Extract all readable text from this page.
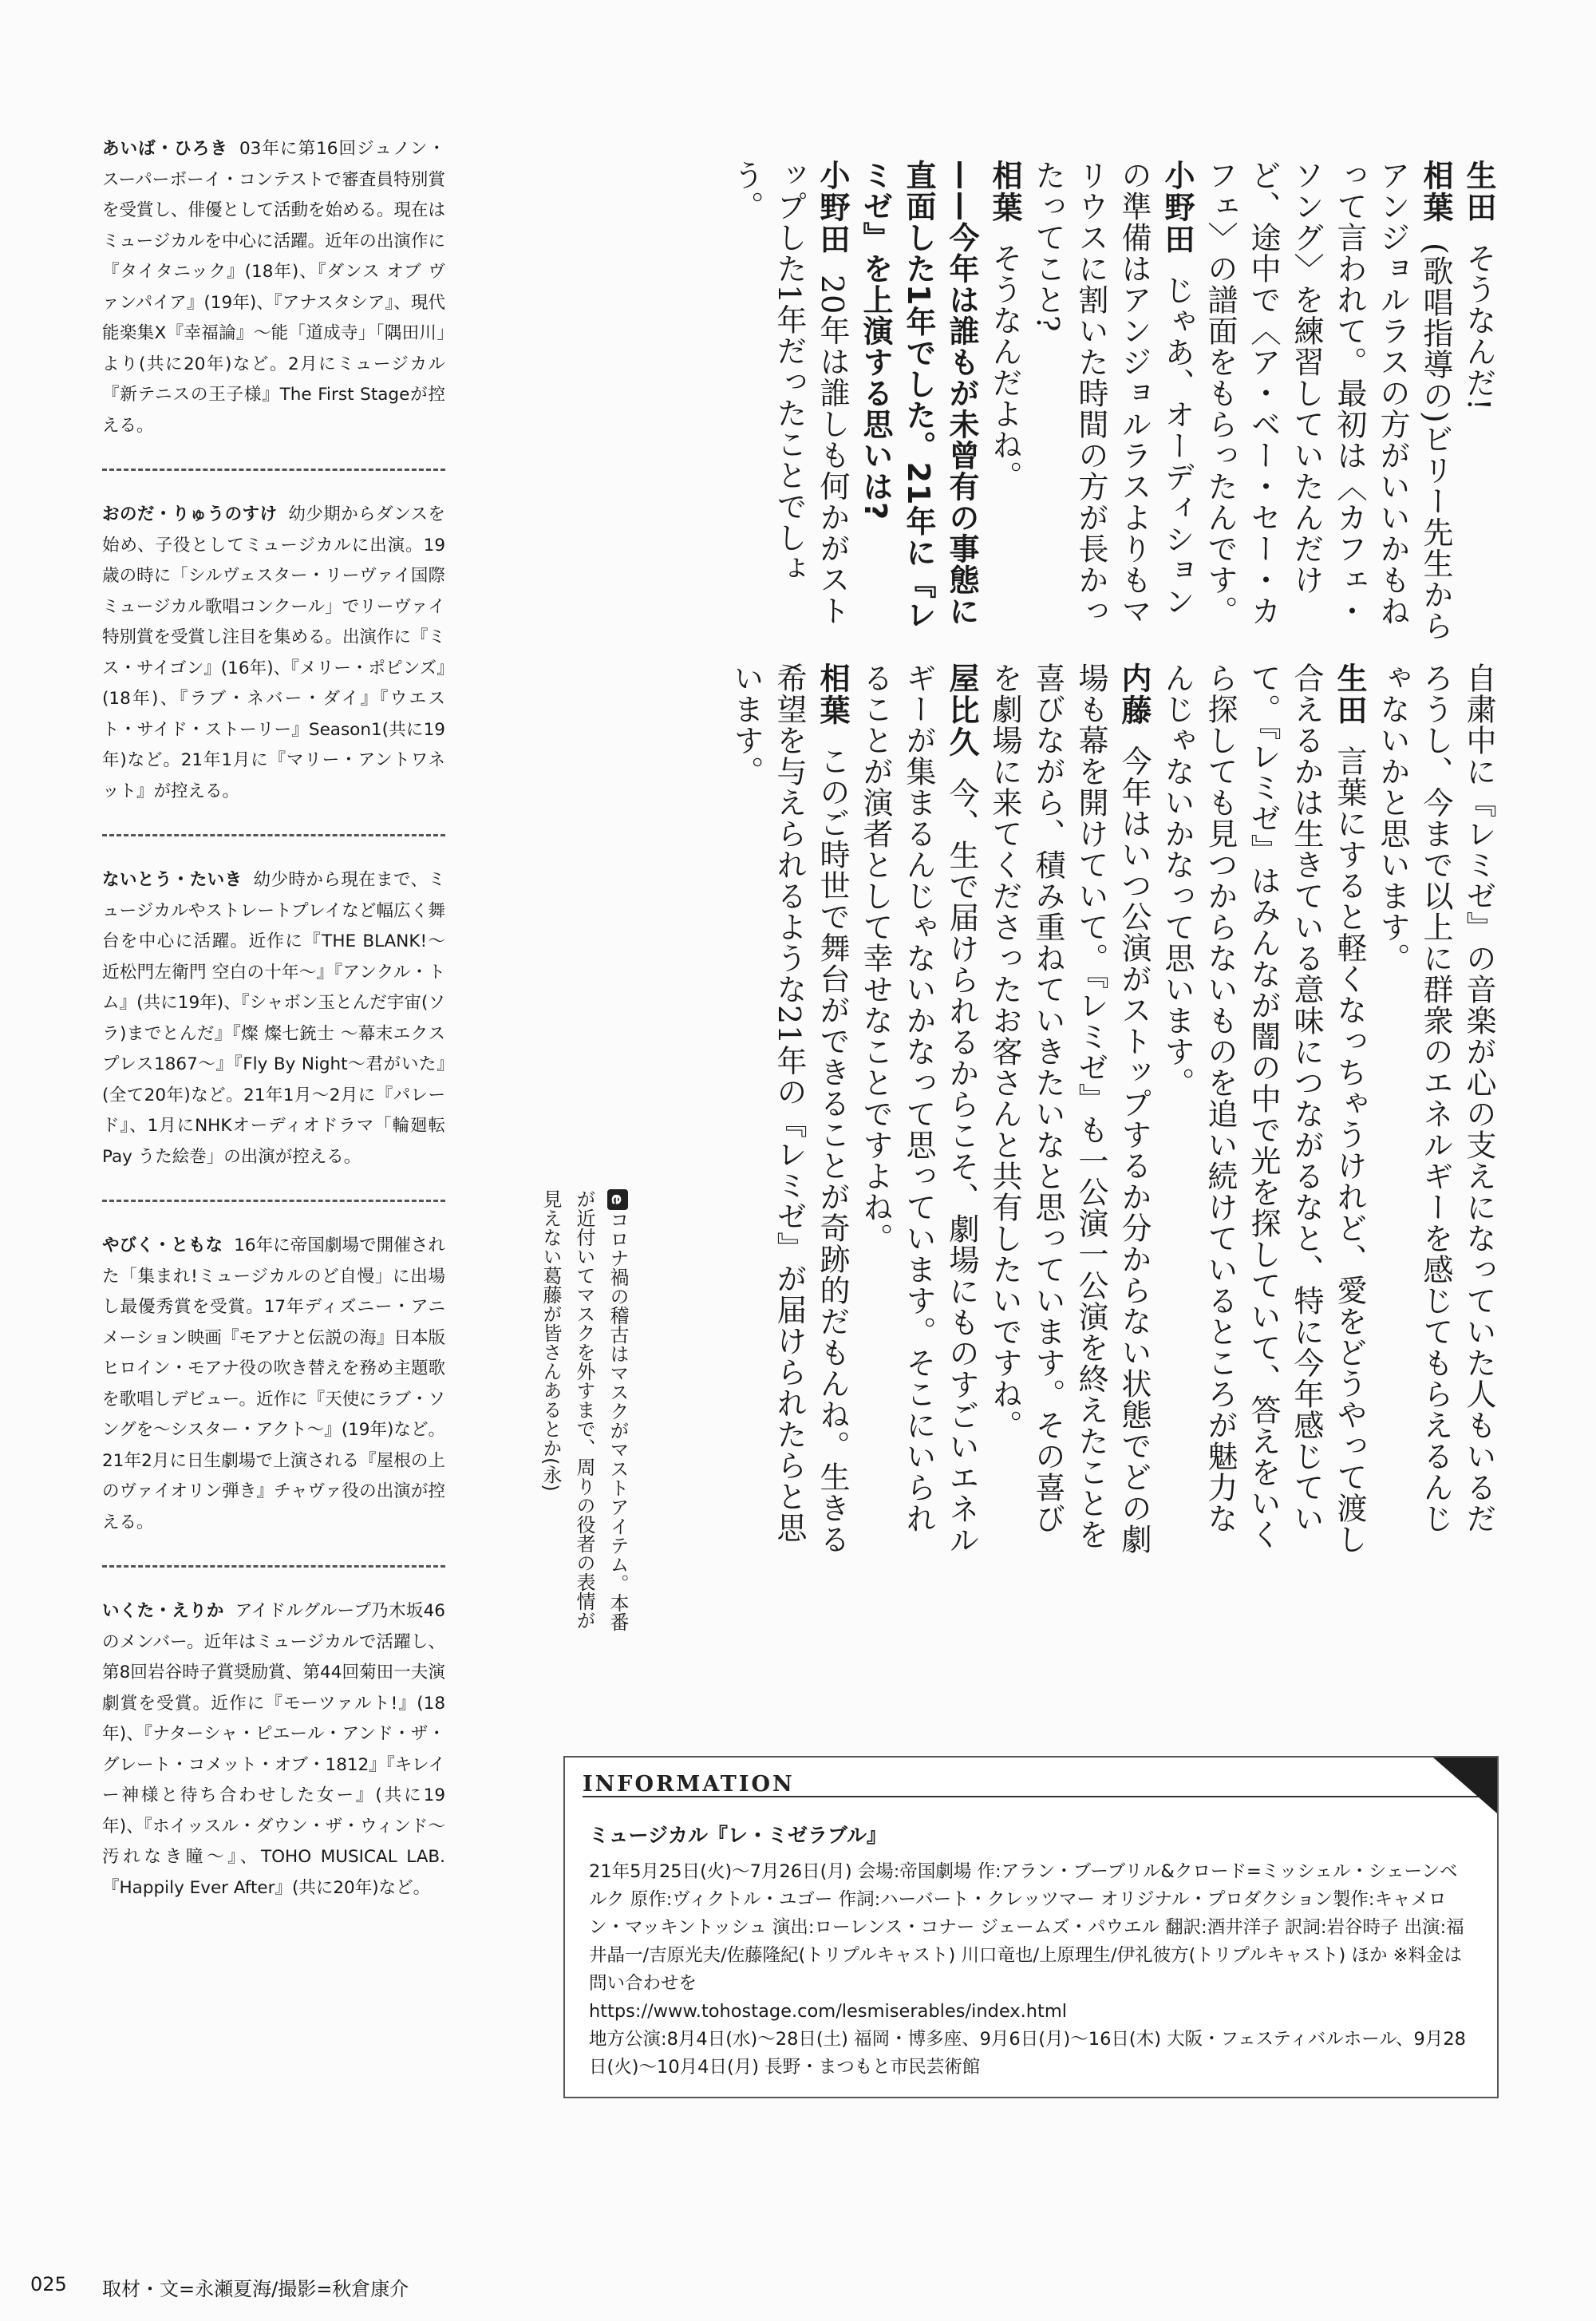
あいば・ひろき 03年に第16回ジュノン・スーパーボーイ・コンテストで審査員特別賞を受賞し、俳優として活動を始める。現在はミュージカルを中心に活躍。近年の出演作に『タイタニック』(18年)、『ダンス オブ ヴァンパイア』(19年)、『アナスタシア』、現代能楽集Ⅹ『幸福論』〜能「道成寺」「隅田川」より(共に20年)など。2月にミュージカル『新テニスの王子様』The First Stageが控える。
おのだ・りゅうのすけ 幼少期からダンスを始め、子役としてミュージカルに出演。19歳の時に「シルヴェスター・リーヴァイ国際ミュージカル歌唱コンクール」でリーヴァイ特別賞を受賞し注目を集める。出演作に『ミス・サイゴン』(16年)、『メリー・ポピンズ』(18年)、『ラブ・ネバー・ダイ』『ウエスト・サイド・ストーリー』Season1(共に19年)など。21年1月に『マリー・アントワネット』が控える。
ないとう・たいき 幼少時から現在まで、ミュージカルやストレートプレイなど幅広く舞台を中心に活躍。近作に『THE BLANK!〜近松門左衛門 空白の十年〜』『アンクル・トム』(共に19年)、『シャボン玉とんだ宇宙(ソラ)までとんだ』『燦 燦七銃士 〜幕末エクスプレス1867〜』『Fly By Night〜君がいた』(全て20年)など。21年1月〜2月に『パレード』、1月にNHKオーディオドラマ「輪廻転 Pay うた絵巻」の出演が控える。
やびく・ともな 16年に帝国劇場で開催された「集まれ!ミュージカルのど自慢」に出場し最優秀賞を受賞。17年ディズニー・アニメーション映画『モアナと伝説の海』日本版ヒロイン・モアナ役の吹き替えを務め主題歌を歌唱しデビュー。近作に『天使にラブ・ソングを〜シスター・アクト〜』(19年)など。21年2月に日生劇場で上演される『屋根の上のヴァイオリン弾き』チャヴァ役の出演が控える。
いくた・えりか アイドルグループ乃木坂46のメンバー。近年はミュージカルで活躍し、第8回岩谷時子賞奨励賞、第44回菊田一夫演劇賞を受賞。近作に『モーツァルト!』(18年)、『ナターシャ・ピエール・アンド・ザ・グレート・コメット・オブ・1812』『キレイー神様と待ち合わせした女ー』(共に19年)、『ホイッスル・ダウン・ザ・ウィンド〜汚れなき瞳〜』、TOHO MUSICAL LAB.『Happily Ever After』(共に20年)など。

生田そうなんだ!

相葉(歌唱指導の)ビリー先生からアンジョルラスの方がいいかもねって言われて。最初は〈カフェ・ソング〉を練習していたんだけど、途中で〈ア・ベー・セー・カフェ〉の譜面をもらったんです。

小野田じゃあ、オーディションの準備はアンジョルラスよりもマリウスに割いた時間の方が長かったってこと?

相葉そうなんだよね。

——今年は誰もが未曾有の事態に直面した1年でした。21年に『レミゼ』を上演する思いは?

小野田20年は誰しも何かがストップした1年だったことでしょう。

自粛中に『レミゼ』の音楽が心の支えになっていた人もいるだろうし、今まで以上に群衆のエネルギーを感じてもらえるんじゃないかと思います。

生田言葉にすると軽くなっちゃうけれど、愛をどうやって渡し合えるかは生きている意味につながるなと、特に今年感じていて。『レミゼ』はみんなが闇の中で光を探していて、答えをいくら探しても見つからないものを追い続けているところが魅力なんじゃないかなって思います。

内藤今年はいつ公演がストップするか分からない状態でどの劇場も幕を開けていて。『レミゼ』も一公演一公演を終えたことを喜びながら、積み重ねていきたいなと思っています。その喜びを劇場に来てくださったお客さんと共有したいですね。

屋比久今、生で届けられるからこそ、劇場にものすごいエネルギーが集まるんじゃないかなって思っています。そこにいられることが演者として幸せなことですよね。

相葉このご時世で舞台ができることが奇跡的だもんね。生きる希望を与えられるような21年の『レミゼ』が届けられたらと思います。

eコロナ禍の稽古はマスクがマストアイテム。本番が近付いてマスクを外すまで、周りの役者の表情が見えない葛藤が皆さんあるとか(永)

INFORMATION
ミュージカル『レ・ミゼラブル』

21年5月25日(火)〜7月26日(月) 会場:帝国劇場 作:アラン・ブーブリル&クロード=ミッシェル・シェーンベルク 原作:ヴィクトル・ユゴー 作詞:ハーバート・クレッツマー オリジナル・プロダクション製作:キャメロン・マッキントッシュ 演出:ローレンス・コナー ジェームズ・パウエル 翻訳:酒井洋子 訳詞:岩谷時子 出演:福井晶一/吉原光夫/佐藤隆紀(トリプルキャスト) 川口竜也/上原理生/伊礼彼方(トリプルキャスト) ほか ※料金は問い合わせを

https://www.tohostage.com/lesmiserables/index.html

地方公演:8月4日(水)〜28日(土) 福岡・博多座、9月6日(月)〜16日(木) 大阪・フェスティバルホール、9月28日(火)〜10月4日(月) 長野・まつもと市民芸術館

025 取材・文=永瀬夏海/撮影=秋倉康介
